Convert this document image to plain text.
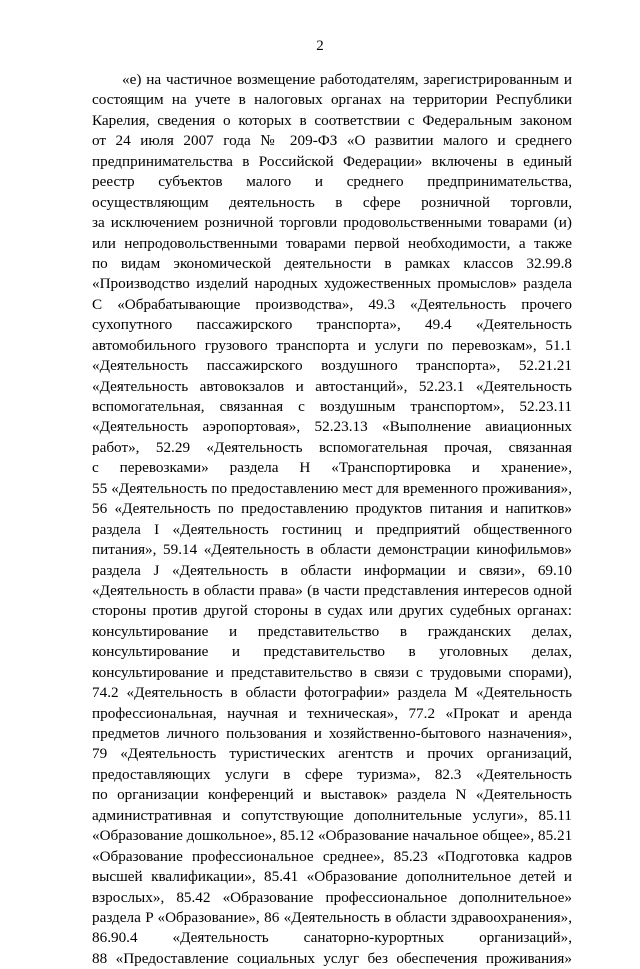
2
«е) на частичное возмещение работодателям, зарегистрированным и
состоящим на учете в налоговых органах на территории Республики
Карелия, сведения о которых в соответствии с Федеральным законом
от 24 июля 2007 года № 209-ФЗ «О развитии малого и среднего
предпринимательства в Российской Федерации» включены в единый
реестр субъектов малого и среднего предпринимательства,
осуществляющим деятельность в сфере розничной торговли,
за исключением розничной торговли продовольственными товарами (и)
или непродовольственными товарами первой необходимости, а также
по видам экономической деятельности в рамках классов 32.99.8
«Производство изделий народных художественных промыслов» раздела
С «Обрабатывающие производства», 49.3 «Деятельность прочего
сухопутного пассажирского транспорта», 49.4 «Деятельность
автомобильного грузового транспорта и услуги по перевозкам», 51.1
«Деятельность пассажирского воздушного транспорта», 52.21.21
«Деятельность автовокзалов и автостанций», 52.23.1 «Деятельность
вспомогательная, связанная с воздушным транспортом», 52.23.11
«Деятельность аэропортовая», 52.23.13 «Выполнение авиационных
работ», 52.29 «Деятельность вспомогательная прочая, связанная
с перевозками» раздела H «Транспортировка и хранение»,
55 «Деятельность по предоставлению мест для временного проживания»,
56 «Деятельность по предоставлению продуктов питания и напитков»
раздела I «Деятельность гостиниц и предприятий общественного
питания», 59.14 «Деятельность в области демонстрации кинофильмов»
раздела J «Деятельность в области информации и связи», 69.10
«Деятельность в области права» (в части представления интересов одной
стороны против другой стороны в судах или других судебных органах:
консультирование и представительство в гражданских делах,
консультирование и представительство в уголовных делах,
консультирование и представительство в связи с трудовыми спорами),
74.2 «Деятельность в области фотографии» раздела M «Деятельность
профессиональная, научная и техническая», 77.2 «Прокат и аренда
предметов личного пользования и хозяйственно-бытового назначения»,
79 «Деятельность туристических агентств и прочих организаций,
предоставляющих услуги в сфере туризма», 82.3 «Деятельность
по организации конференций и выставок» раздела N «Деятельность
административная и сопутствующие дополнительные услуги», 85.11
«Образование дошкольное», 85.12 «Образование начальное общее», 85.21
«Образование профессиональное среднее», 85.23 «Подготовка кадров
высшей квалификации», 85.41 «Образование дополнительное детей и
взрослых», 85.42 «Образование профессиональное дополнительное»
раздела P «Образование», 86 «Деятельность в области здравоохранения»,
86.90.4 «Деятельность санаторно-курортных организаций»,
88 «Предоставление социальных услуг без обеспечения проживания»
